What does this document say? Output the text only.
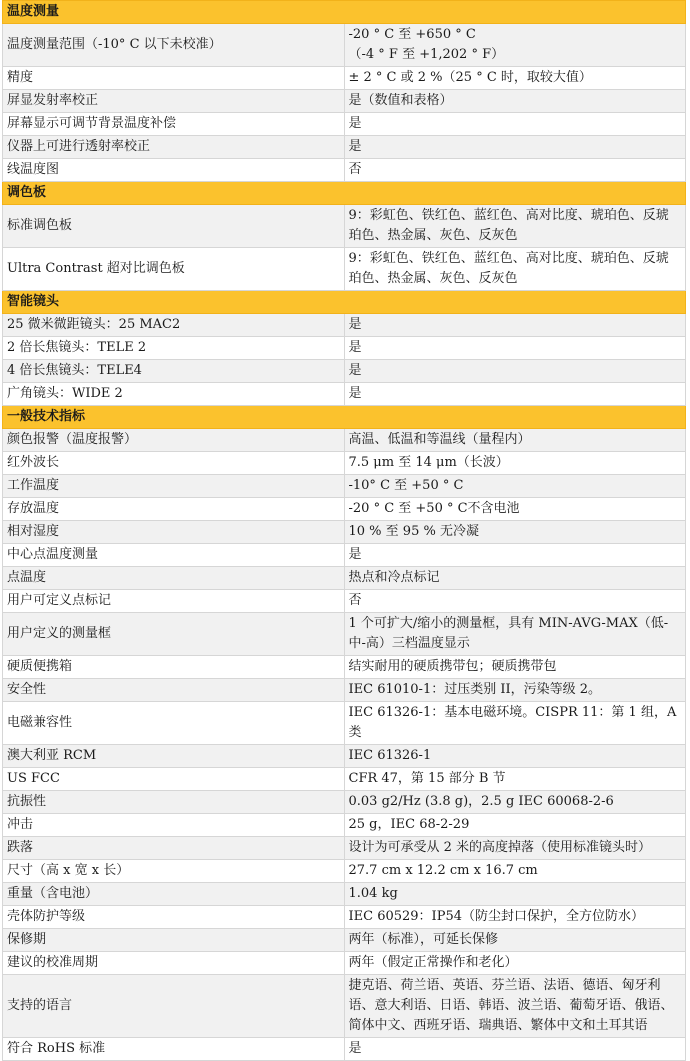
温度测量	
温度测量范围（-10° C 以下未校准）	-20 ° C 至 +650 ° C
（-4 ° F 至 +1,202 ° F）
精度	± 2 ° C 或 2 %（25 ° C 时，取较大值）
屏显发射率校正	是（数值和表格）
屏幕显示可调节背景温度补偿	是
仪器上可进行透射率校正	是
线温度图	否
调色板	
标准调色板	9：彩虹色、铁红色、蓝红色、高对比度、琥珀色、反琥珀色、热金属、灰色、反灰色
Ultra Contrast 超对比调色板	9：彩虹色、铁红色、蓝红色、高对比度、琥珀色、反琥珀色、热金属、灰色、反灰色
智能镜头	
25 微米微距镜头：25 MAC2	是
2 倍长焦镜头：TELE 2	是
4 倍长焦镜头：TELE4	是
广角镜头：WIDE 2	是
一般技术指标	
颜色报警（温度报警）	高温、低温和等温线（量程内）
红外波长	7.5 μm 至 14 μm（长波）
工作温度	-10° C 至 +50 ° C
存放温度	-20 ° C 至 +50 ° C不含电池
相对湿度	10 % 至 95 % 无冷凝
中心点温度测量	是
点温度	热点和冷点标记
用户可定义点标记	否
用户定义的测量框	1 个可扩大/缩小的测量框，具有 MIN-AVG-MAX（低-中-高）三档温度显示
硬质便携箱	结实耐用的硬质携带包；硬质携带包
安全性	IEC 61010-1：过压类别 II，污染等级 2。
电磁兼容性	IEC 61326-1：基本电磁环境。CISPR 11：第 1 组，A 类
澳大利亚 RCM	IEC 61326-1
US FCC	CFR 47，第 15 部分 B 节
抗振性	0.03 g2/Hz (3.8 g)，2.5 g IEC 60068-2-6
冲击	25 g，IEC 68-2-29
跌落	设计为可承受从 2 米的高度掉落（使用标准镜头时）
尺寸（高 x 宽 x 长）	27.7 cm x 12.2 cm x 16.7 cm
重量（含电池）	1.04 kg
壳体防护等级	IEC 60529：IP54（防尘封口保护，全方位防水）
保修期	两年（标准），可延长保修
建议的校准周期	两年（假定正常操作和老化）
支持的语言	捷克语、荷兰语、英语、芬兰语、法语、德语、匈牙利语、意大利语、日语、韩语、波兰语、葡萄牙语、俄语、简体中文、西班牙语、瑞典语、繁体中文和土耳其语
符合 RoHS 标准	是
